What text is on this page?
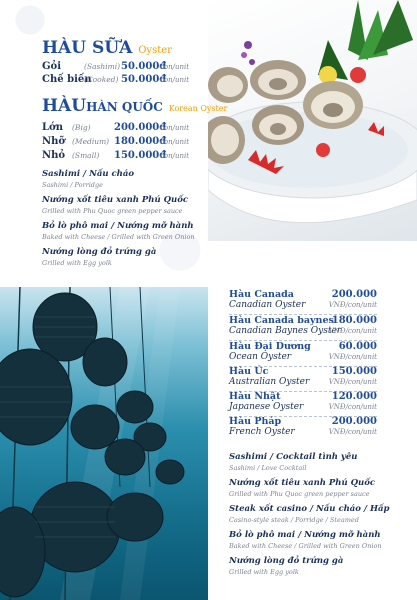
HÀU SỮA Oyster
Gỏi	(Sashimi) 50.000đ
con/unit
Chế biến
(Cooked) 50.000đ
con/unit
HÀUHÀN QUỐC Korean Oyster
Lớn (Big) 200.000đ
con/unit
Nhỡ (Medium) 180.000đ
con/unit
Nhỏ (Small) 150.000đ
con/unit
Sashimi / Nấu cháo
Sashimi / Porridge
Nướng xốt tiêu xanh Phú Quốc
Grilled with Phu Quoc green pepper sauce
Bỏ lò phô mai / Nướng mỡ hành
Baked with Cheese / Grilled with Green Onion
Nướng lòng đỏ trứng gà
Grilled with Egg yolk
Hàu Canada
Canadian Oyster
200.000
VNĐ/con/unit
Hàu Canada baynes
Canadian Baynes Oyster
180.000
VNĐ/con/unit
Hàu Đại Dương
Ocean Oyster
60.000
VNĐ/con/unit
Hàu Úc
Australian Oyster
150.000
VNĐ/con/unit
Hàu Nhật
Japanese Oyster
120.000
VNĐ/con/unit
Hàu Pháp
French Oyster
200.000
VNĐ/con/unit
Sashimi / Cocktail tình yêu
Sashimi / Love Cocktail
Nướng xốt tiêu xanh Phú Quốc
Grilled with Phu Quoc green pepper sauce
Steak xốt casino / Nấu cháo / Hấp
Casino-style steak / Porridge / Steamed
Bỏ lò phô mai / Nướng mỡ hành
Baked with Cheese / Grilled with Green Onion
Nướng lòng đỏ trứng gà
Grilled with Egg yolk
